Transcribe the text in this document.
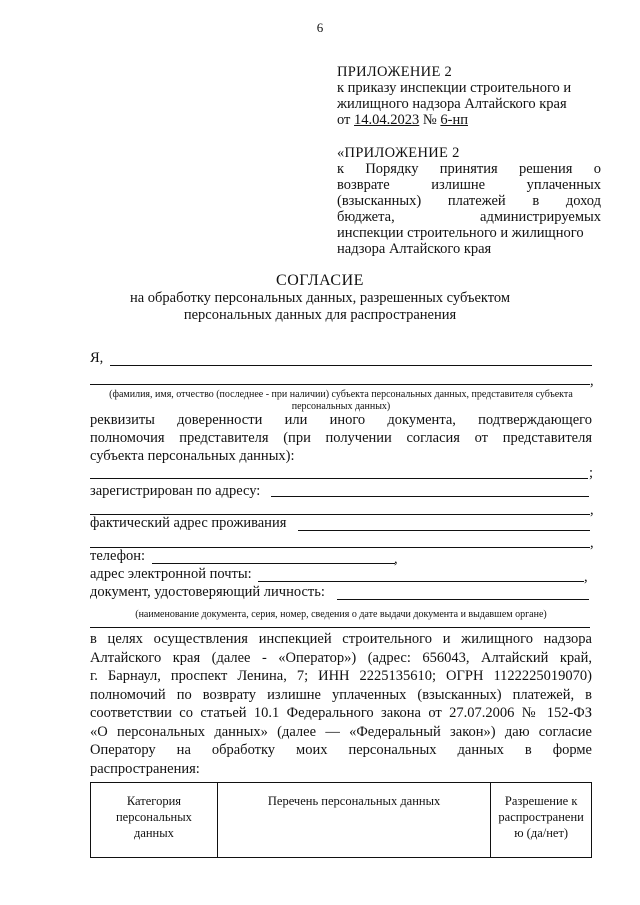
6
ПРИЛОЖЕНИЕ 2
к приказу инспекции строительного и
жилищного надзора Алтайского края
от 14.04.2023 № 6-нп
«ПРИЛОЖЕНИЕ 2
к Порядку принятия решения о
возврате излишне уплаченных
(взысканных) платежей в доход
бюджета, администрируемых
инспекции строительного и жилищного
надзора Алтайского края
СОГЛАСИЕ
на обработку персональных данных, разрешенных субъектом
персональных данных для распространения
Я,
,
(фамилия, имя, отчество (последнее - при наличии) субъекта персональных данных, представителя субъекта персональных данных)
реквизиты доверенности или иного документа, подтверждающего
полномочия представителя (при получении согласия от представителя
субъекта персональных данных):
;
зарегистрирован по адресу:
,
фактический адрес проживания
,
телефон:	,
адрес электронной почты:	,
документ, удостоверяющий личность:
(наименование документа, серия, номер, сведения о дате выдачи документа и выдавшем органе)
в целях осуществления инспекцией строительного и жилищного надзора
Алтайского края (далее - «Оператор») (адрес: 656043, Алтайский край,
г. Барнаул, проспект Ленина, 7; ИНН 2225135610; ОГРН 1122225019070)
полномочий по возврату излишне уплаченных (взысканных) платежей, в
соответствии со статьей 10.1 Федерального закона от 27.07.2006 № 152-ФЗ
«О персональных данных» (далее — «Федеральный закон») даю согласие
Оператору на обработку моих персональных данных в форме
распространения:
Категория персональных данных	Перечень персональных данных	Разрешение к распространени ю (да/нет)
